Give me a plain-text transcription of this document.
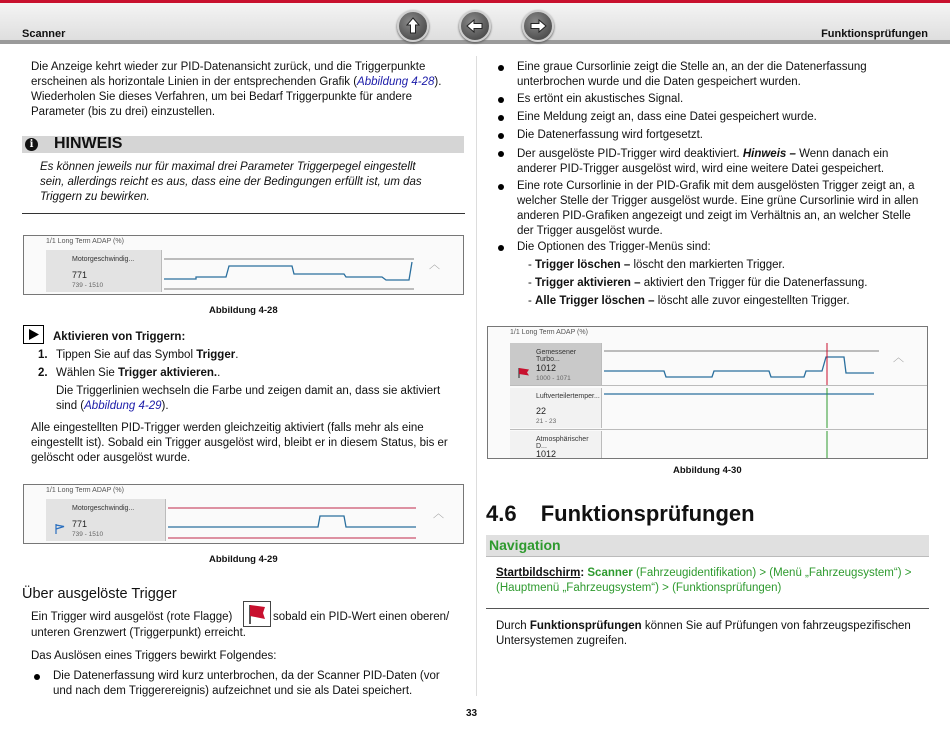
Scanner	Funktionsprüfungen
Die Anzeige kehrt wieder zur PID-Datenansicht zurück, und die Triggerpunkte
erscheinen als horizontale Linien in der entsprechenden Grafik (Abbildung 4-28).
Wiederholen Sie dieses Verfahren, um bei Bedarf Triggerpunkte für andere
Parameter (bis zu drei) einzustellen.
i HINWEIS
Es können jeweils nur für maximal drei Parameter Triggerpegel eingestellt
sein, allerdings reicht es aus, dass eine der Bedingungen erfüllt ist, um das
Triggern zu bewirken.
1/1 Long Term ADAP (%)
Motorgeschwindig...
771
739 - 1510
︿
Abbildung 4-28
Aktivieren von Triggern:
1. Tippen Sie auf das Symbol Trigger.
2. Wählen Sie Trigger aktivieren..
Die Triggerlinien wechseln die Farbe und zeigen damit an, dass sie aktiviert
sind (Abbildung 4-29).
Alle eingestellten PID-Trigger werden gleichzeitig aktiviert (falls mehr als eine
eingestellt ist). Sobald ein Trigger ausgelöst wird, bleibt er in diesem Status, bis er
gelöscht oder ausgelöst wurde.
1/1 Long Term ADAP (%)
Motorgeschwindig...
771
739 - 1510
︿
Abbildung 4-29
Über ausgelöste Trigger
Ein Trigger wird ausgelöst (rote Flagge)	sobald ein PID-Wert einen oberen/
unteren Grenzwert (Triggerpunkt) erreicht.
Das Auslösen eines Triggers bewirkt Folgendes:
Die Datenerfassung wird kurz unterbrochen, da der Scanner PID-Daten (vor
und nach dem Triggerereignis) aufzeichnet und sie als Datei speichert.
Eine graue Cursorlinie zeigt die Stelle an, an der die Datenerfassung
unterbrochen wurde und die Daten gespeichert wurden.
Es ertönt ein akustisches Signal.
Eine Meldung zeigt an, dass eine Datei gespeichert wurde.
Die Datenerfassung wird fortgesetzt.
Der ausgelöste PID-Trigger wird deaktiviert. Hinweis – Wenn danach ein
anderer PID-Trigger ausgelöst wird, wird eine weitere Datei gespeichert.
Eine rote Cursorlinie in der PID-Grafik mit dem ausgelösten Trigger zeigt an, a
welcher Stelle der Trigger ausgelöst wurde. Eine grüne Cursorlinie wird in allen
anderen PID-Grafiken angezeigt und zeigt im Verhältnis an, an welcher Stelle
der Trigger ausgelöst wurde.
Die Optionen des Trigger-Menüs sind:
- Trigger löschen – löscht den markierten Trigger.
- Trigger aktivieren – aktiviert den Trigger für die Datenerfassung.
- Alle Trigger löschen – löscht alle zuvor eingestellten Trigger.
1/1 Long Term ADAP (%)
Gemessener Turbo...
1012
1000 - 1071
︿
Luftverteilertemper...
22
21 - 23
Atmosphärischer D...
1012
Abbildung 4-30
4.6 Funktionsprüfungen
Navigation
Startbildschirm: Scanner (Fahrzeugidentifikation) > (Menü „Fahrzeugsystem“) >
(Hauptmenü „Fahrzeugsystem“) > (Funktionsprüfungen)
Durch Funktionsprüfungen können Sie auf Prüfungen von fahrzeugspezifischen
Untersystemen zugreifen.
33
